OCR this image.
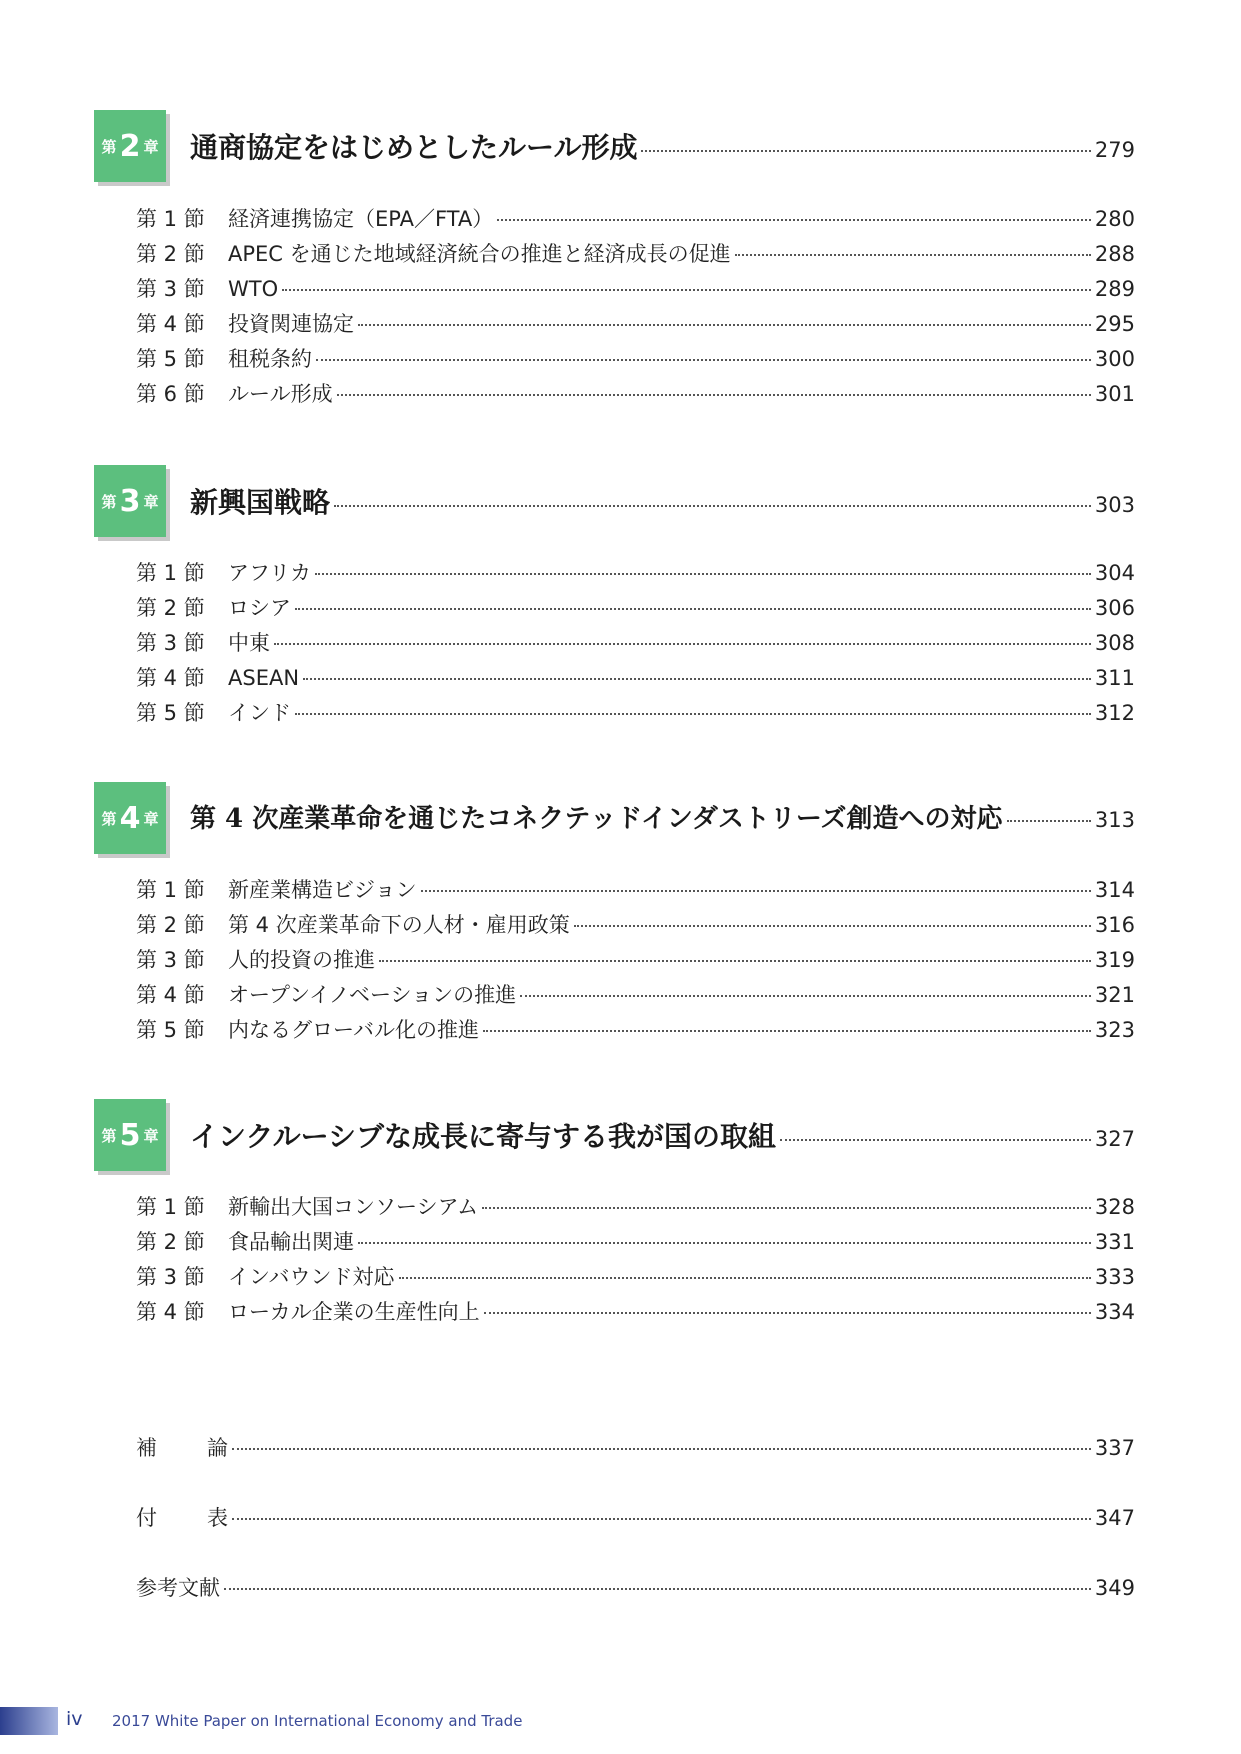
第 2 章 通商協定をはじめとしたルール形成	279
第 1 節	経済連携協定（EPA／FTA）	280
第 2 節	APEC を通じた地域経済統合の推進と経済成長の促進	288
第 3 節	WTO	289
第 4 節	投資関連協定	295
第 5 節	租税条約	300
第 6 節	ルール形成	301
第 3 章 新興国戦略	303
第 1 節	アフリカ	304
第 2 節	ロシア	306
第 3 節	中東	308
第 4 節	ASEAN	311
第 5 節	インド	312
第 4 章 第 4 次産業革命を通じたコネクテッドインダストリーズ創造への対応	313
第 1 節	新産業構造ビジョン	314
第 2 節	第 4 次産業革命下の人材・雇用政策	316
第 3 節	人的投資の推進	319
第 4 節	オープンイノベーションの推進	321
第 5 節	内なるグローバル化の推進	323
第 5 章 インクルーシブな成長に寄与する我が国の取組	327
第 1 節	新輸出大国コンソーシアム	328
第 2 節	食品輸出関連	331
第 3 節	インバウンド対応	333
第 4 節	ローカル企業の生産性向上	334
補 論	337
付 表	347
参考文献	349
iv 2017 White Paper on International Economy and Trade
